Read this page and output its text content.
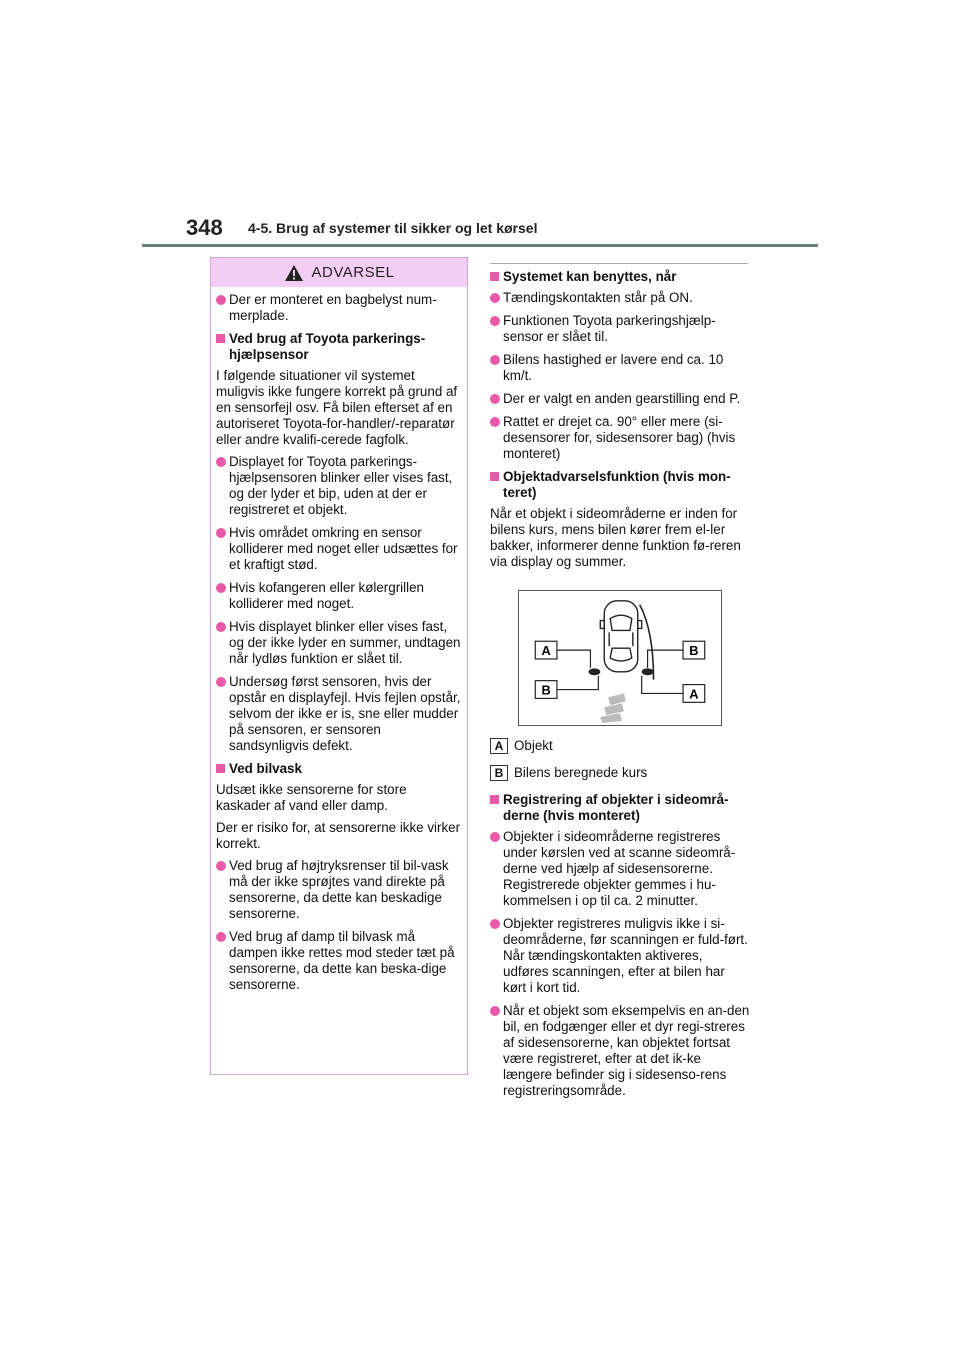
348 4-5. Brug af systemer til sikker og let kørsel
ADVARSEL
Der er monteret en bagbelyst num-merplade.
Ved brug af Toyota parkerings-hjælpsensor
I følgende situationer vil systemet muligvis ikke fungere korrekt på grund af en sensorfejl osv. Få bilen efterset af en autoriseret Toyota-for-handler/-reparatør eller andre kvalifi-cerede fagfolk.
Displayet for Toyota parkerings-hjælpsensoren blinker eller vises fast, og der lyder et bip, uden at der er registreret et objekt.
Hvis området omkring en sensor kolliderer med noget eller udsættes for et kraftigt stød.
Hvis kofangeren eller kølergrillen kolliderer med noget.
Hvis displayet blinker eller vises fast, og der ikke lyder en summer, undtagen når lydløs funktion er slået til.
Undersøg først sensoren, hvis der opstår en displayfejl. Hvis fejlen opstår, selvom der ikke er is, sne eller mudder på sensoren, er sensoren sandsynligvis defekt.
Ved bilvask
Udsæt ikke sensorerne for store kaskader af vand eller damp.
Der er risiko for, at sensorerne ikke virker korrekt.
Ved brug af højtryksrenser til bil-vask må der ikke sprøjtes vand direkte på sensorerne, da dette kan beskadige sensorerne.
Ved brug af damp til bilvask må dampen ikke rettes mod steder tæt på sensorerne, da dette kan beska-dige sensorerne.
Systemet kan benyttes, når
Tændingskontakten står på ON.
Funktionen Toyota parkeringshjælp-sensor er slået til.
Bilens hastighed er lavere end ca. 10 km/t.
Der er valgt en anden gearstilling end P.
Rattet er drejet ca. 90° eller mere (si-desensorer for, sidesensorer bag) (hvis monteret)
Objektadvarselsfunktion (hvis mon-teret)
Når et objekt i sideområderne er inden for bilens kurs, mens bilen kører frem el-ler bakker, informerer denne funktion fø-reren via display og summer.
A	B
B	A
A Objekt
B Bilens beregnede kurs
Registrering af objekter i sideområ-derne (hvis monteret)
Objekter i sideområderne registreres under kørslen ved at scanne sideområ-derne ved hjælp af sidesensorerne. Registrerede objekter gemmes i hu-kommelsen i op til ca. 2 minutter.
Objekter registreres muligvis ikke i si-deområderne, før scanningen er fuld-ført. Når tændingskontakten aktiveres, udføres scanningen, efter at bilen har kørt i kort tid.
Når et objekt som eksempelvis en an-den bil, en fodgænger eller et dyr regi-streres af sidesensorerne, kan objektet fortsat være registreret, efter at det ik-ke længere befinder sig i sidesenso-rens registreringsområde.
